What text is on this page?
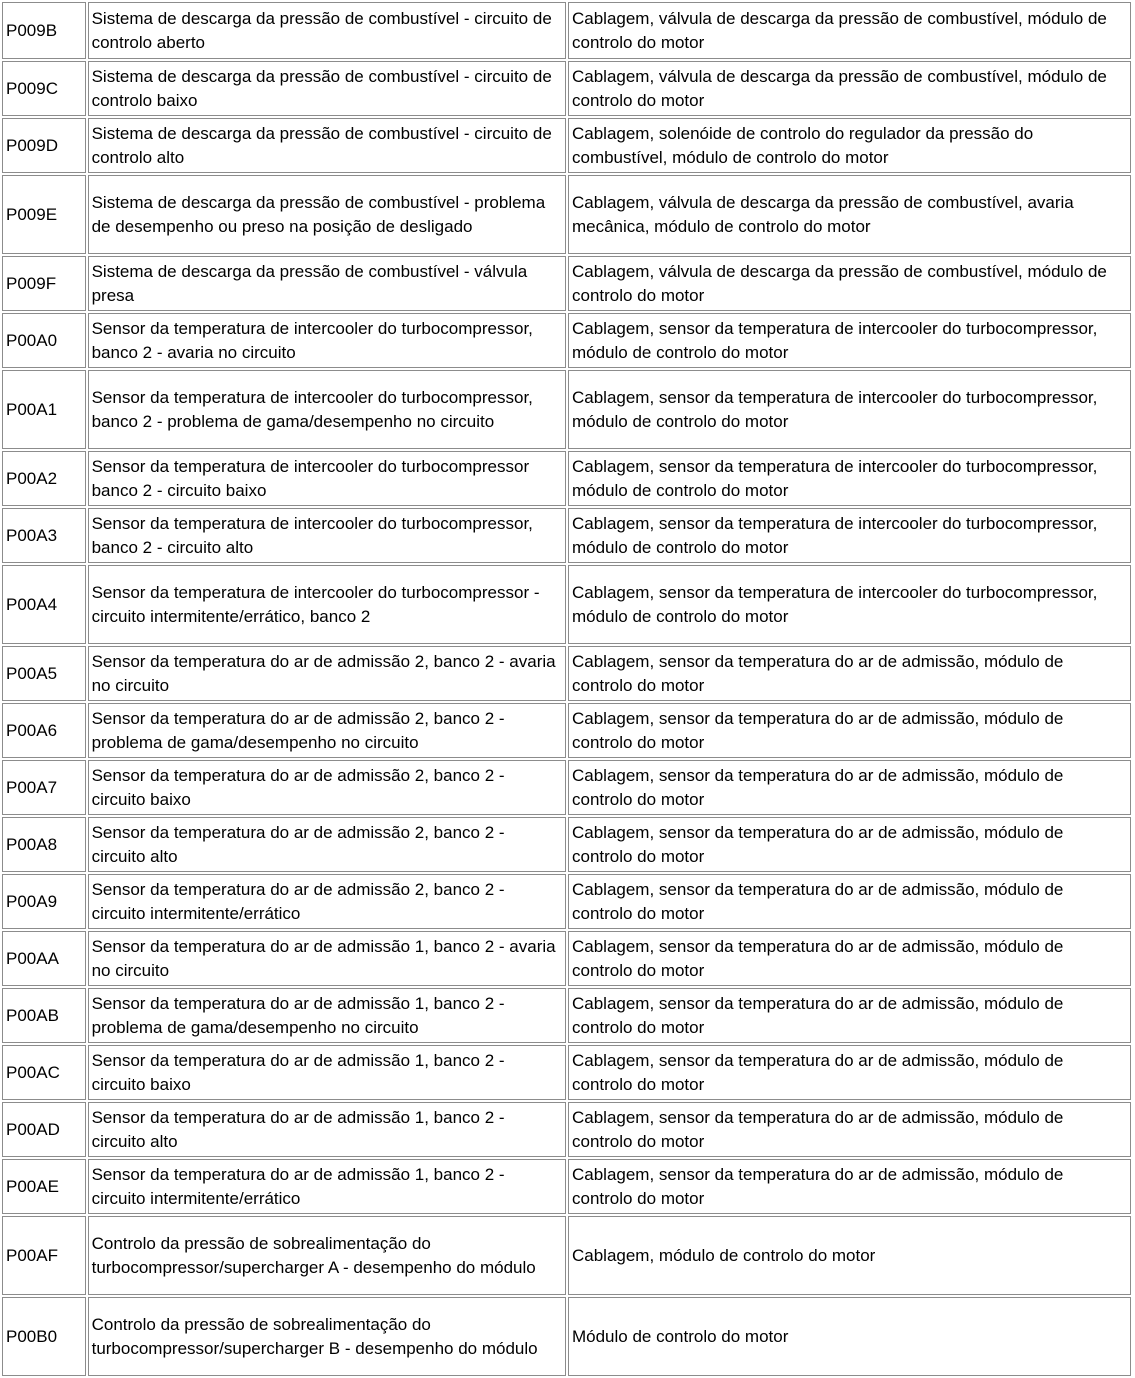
P009B	Sistema de descarga da pressão de combustível - circuito de controlo aberto	Cablagem, válvula de descarga da pressão de combustível, módulo de controlo do motor
P009C	Sistema de descarga da pressão de combustível - circuito de controlo baixo	Cablagem, válvula de descarga da pressão de combustível, módulo de controlo do motor
P009D	Sistema de descarga da pressão de combustível - circuito de controlo alto	Cablagem, solenóide de controlo do regulador da pressão do combustível, módulo de controlo do motor
P009E	Sistema de descarga da pressão de combustível - problema de desempenho ou preso na posição de desligado	Cablagem, válvula de descarga da pressão de combustível, avaria mecânica, módulo de controlo do motor
P009F	Sistema de descarga da pressão de combustível - válvula presa	Cablagem, válvula de descarga da pressão de combustível, módulo de controlo do motor
P00A0	Sensor da temperatura de intercooler do turbocompressor, banco 2 - avaria no circuito	Cablagem, sensor da temperatura de intercooler do turbocompressor, módulo de controlo do motor
P00A1	Sensor da temperatura de intercooler do turbocompressor, banco 2 - problema de gama/desempenho no circuito	Cablagem, sensor da temperatura de intercooler do turbocompressor, módulo de controlo do motor
P00A2	Sensor da temperatura de intercooler do turbocompressor banco 2 - circuito baixo	Cablagem, sensor da temperatura de intercooler do turbocompressor, módulo de controlo do motor
P00A3	Sensor da temperatura de intercooler do turbocompressor, banco 2 - circuito alto	Cablagem, sensor da temperatura de intercooler do turbocompressor, módulo de controlo do motor
P00A4	Sensor da temperatura de intercooler do turbocompressor - circuito intermitente/errático, banco 2	Cablagem, sensor da temperatura de intercooler do turbocompressor, módulo de controlo do motor
P00A5	Sensor da temperatura do ar de admissão 2, banco 2 - avaria no circuito	Cablagem, sensor da temperatura do ar de admissão, módulo de controlo do motor
P00A6	Sensor da temperatura do ar de admissão 2, banco 2 - problema de gama/desempenho no circuito	Cablagem, sensor da temperatura do ar de admissão, módulo de controlo do motor
P00A7	Sensor da temperatura do ar de admissão 2, banco 2 - circuito baixo	Cablagem, sensor da temperatura do ar de admissão, módulo de controlo do motor
P00A8	Sensor da temperatura do ar de admissão 2, banco 2 - circuito alto	Cablagem, sensor da temperatura do ar de admissão, módulo de controlo do motor
P00A9	Sensor da temperatura do ar de admissão 2, banco 2 - circuito intermitente/errático	Cablagem, sensor da temperatura do ar de admissão, módulo de controlo do motor
P00AA	Sensor da temperatura do ar de admissão 1, banco 2 - avaria no circuito	Cablagem, sensor da temperatura do ar de admissão, módulo de controlo do motor
P00AB	Sensor da temperatura do ar de admissão 1, banco 2 - problema de gama/desempenho no circuito	Cablagem, sensor da temperatura do ar de admissão, módulo de controlo do motor
P00AC	Sensor da temperatura do ar de admissão 1, banco 2 - circuito baixo	Cablagem, sensor da temperatura do ar de admissão, módulo de controlo do motor
P00AD	Sensor da temperatura do ar de admissão 1, banco 2 - circuito alto	Cablagem, sensor da temperatura do ar de admissão, módulo de controlo do motor
P00AE	Sensor da temperatura do ar de admissão 1, banco 2 - circuito intermitente/errático	Cablagem, sensor da temperatura do ar de admissão, módulo de controlo do motor
P00AF	Controlo da pressão de sobrealimentação do turbocompressor/supercharger A - desempenho do módulo	Cablagem, módulo de controlo do motor
P00B0	Controlo da pressão de sobrealimentação do turbocompressor/supercharger B - desempenho do módulo	Módulo de controlo do motor
